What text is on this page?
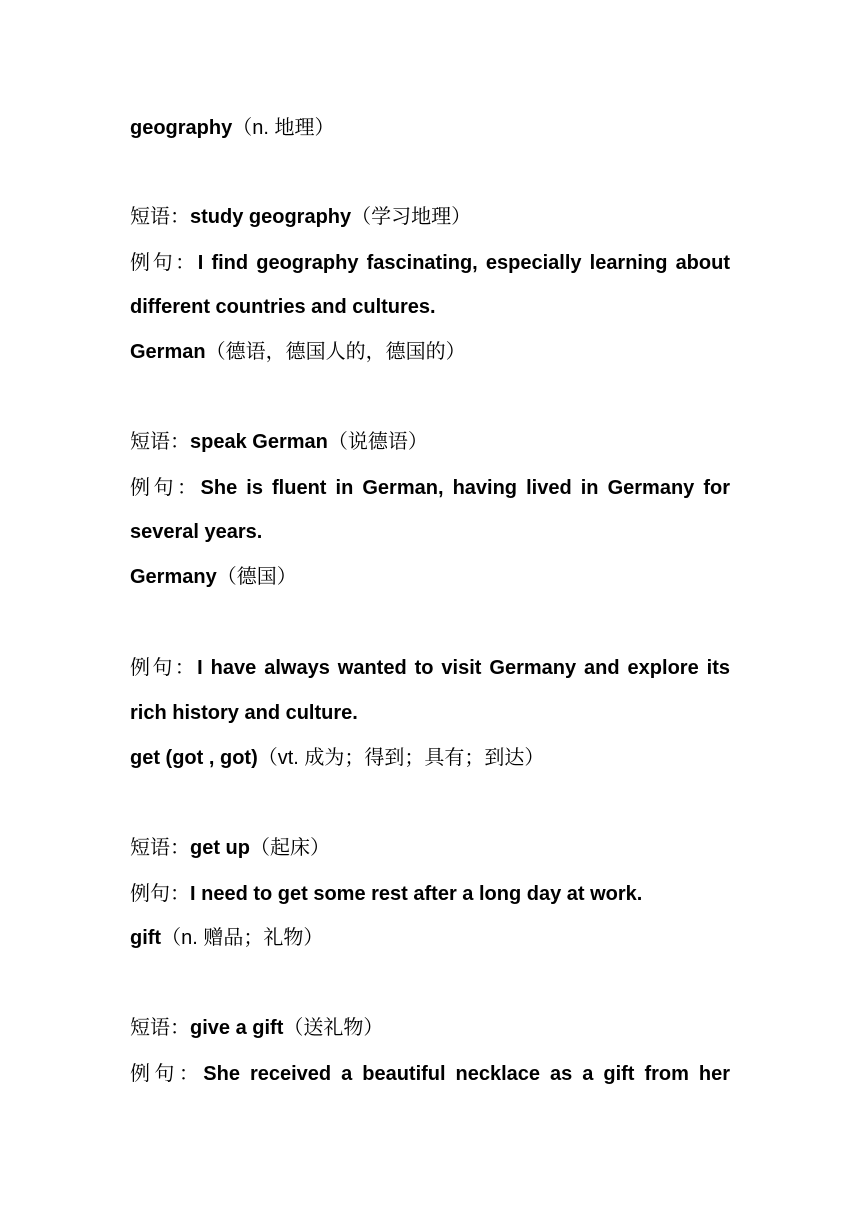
geography（n. 地理）
短语：study geography（学习地理）
例句：I find geography fascinating, especially learning about
different countries and cultures.
German（德语，德国人的，德国的）
短语：speak German（说德语）
例句：She is fluent in German, having lived in Germany for
several years.
Germany（德国）
例句：I have always wanted to visit Germany and explore its
rich history and culture.
get (got , got)（vt. 成为；得到；具有；到达）
短语：get up（起床）
例句：I need to get some rest after a long day at work.
gift（n. 赠品；礼物）
短语：give a gift（送礼物）
例句：She received a beautiful necklace as a gift from her
